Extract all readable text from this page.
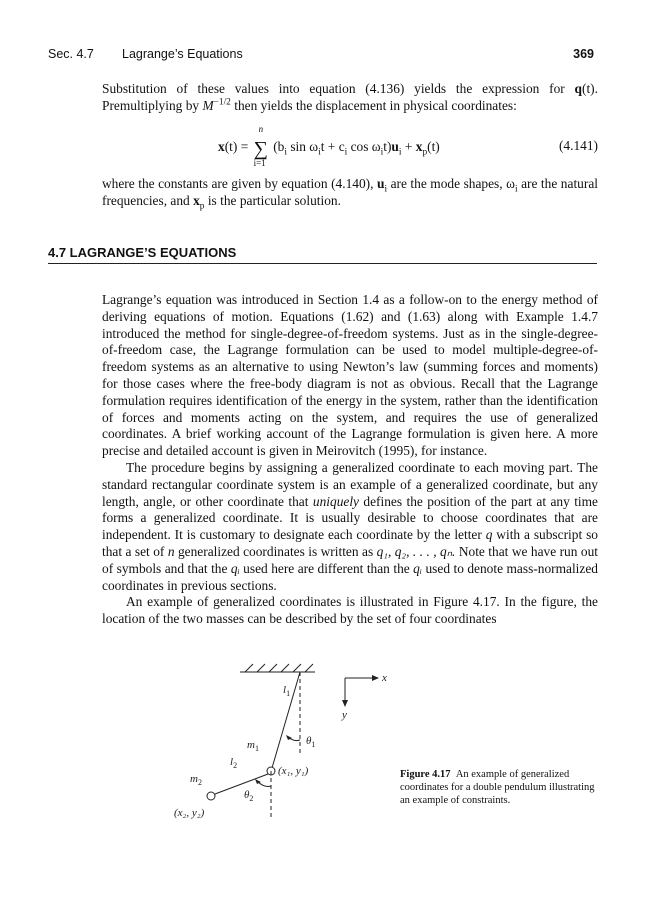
Sec. 4.7 Lagrange’s Equations	369

Substitution of these values into equation (4.136) yields the expression for q(t). Premultiplying by $M^{-1/2}$ then yields the displacement in physical coordinates:

x(t) =
n
∑
i=1
($b_i$ $\sin \omega_it + c_i$ $\cos \omega_it)u_i + x_p(t)$	(4.141)

where the constants are given by equation (4.140), $u_i$ are the mode shapes, $\omega_i$ are the natural frequencies, and $x_p$ is the particular solution.

4.7 LAGRANGE’S EQUATIONS

Lagrange’s equation was introduced in Section 1.4 as a follow-on to the energy method of deriving equations of motion. Equations (1.62) and (1.63) along with Example 1.4.7 introduced the method for single-degree-of-freedom systems. Just as in the single-degree-of-freedom case, the Lagrange formulation can be used to model multiple-degree-of-freedom systems as an alternative to using Newton’s law (summing forces and moments) for those cases where the free-body diagram is not as obvious. Recall that the Lagrange formulation requires identification of the energy in the system, rather than the identification of forces and moments acting on the system, and requires the use of generalized coordinates. A brief working account of the Lagrange formulation is given here. A more precise and detailed account is given in Meirovitch (1995), for instance.

The procedure begins by assigning a generalized coordinate to each moving part. The standard rectangular coordinate system is an example of a generalized coordinate, but any length, angle, or other coordinate that uniquely defines the position of the part at any time forms a generalized coordinate. It is usually desirable to choose coordinates that are independent. It is customary to designate each coordinate by the letter q with a subscript so that a set of n generalized coordinates is written as q₁, q₂, . . . , qₙ. Note that we have run out of symbols and that the qᵢ used here are different than the qᵢ used to denote mass-normalized coordinates in previous sections.

An example of generalized coordinates is illustrated in Figure 4.17. In the figure, the location of the two masses can be described by the set of four coordinates

x
y
$l_1$
$m_1$
$\theta_1$
$l_2$	(x₁, y₁)
$m_2$
$\theta_2$
(x₂, y₂)
Figure 4.17 An example of generalized coordinates for a double pendulum illustrating an example of constraints.
